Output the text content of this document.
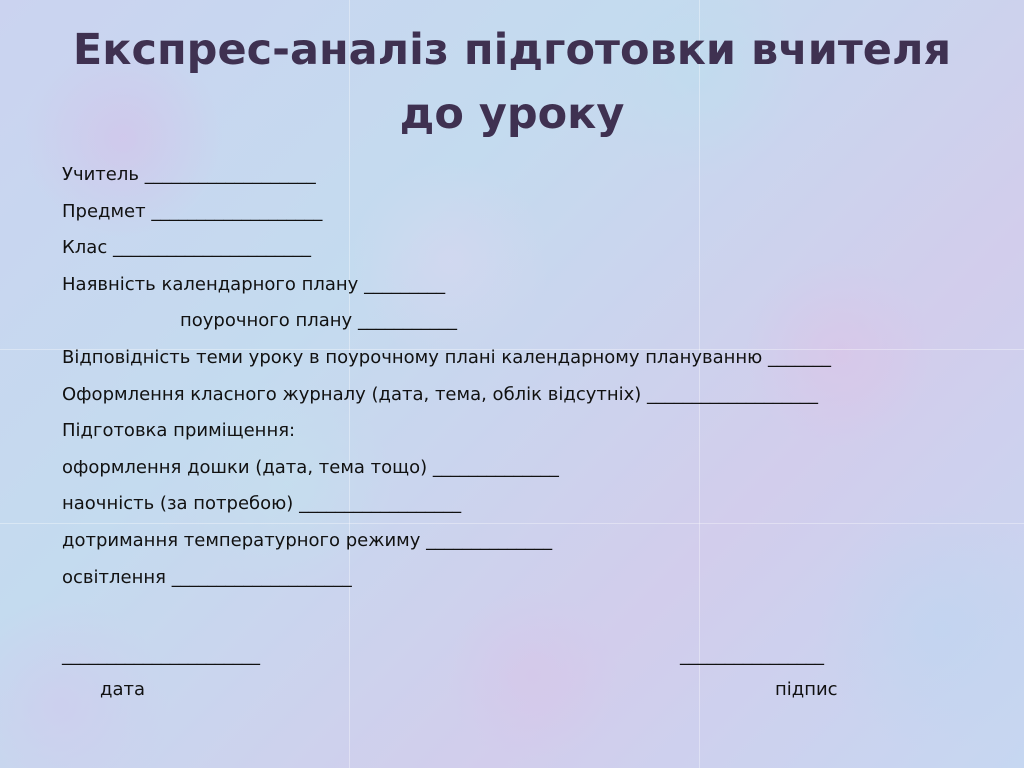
Експрес-аналіз підготовки вчителя до уроку
Учитель ___________________
Предмет ___________________
Клас ______________________
Наявність календарного плану _________
поурочного плану ___________
Відповідність теми уроку в поурочному плані календарному плануванню _______
Оформлення класного журналу (дата, тема, облік відсутніх) ___________________
Підготовка приміщення:
оформлення дошки (дата, тема тощо) ______________
наочність (за потребою) __________________
дотримання температурного режиму ______________
освітлення ____________________
______________________	________________
дата	підпис
